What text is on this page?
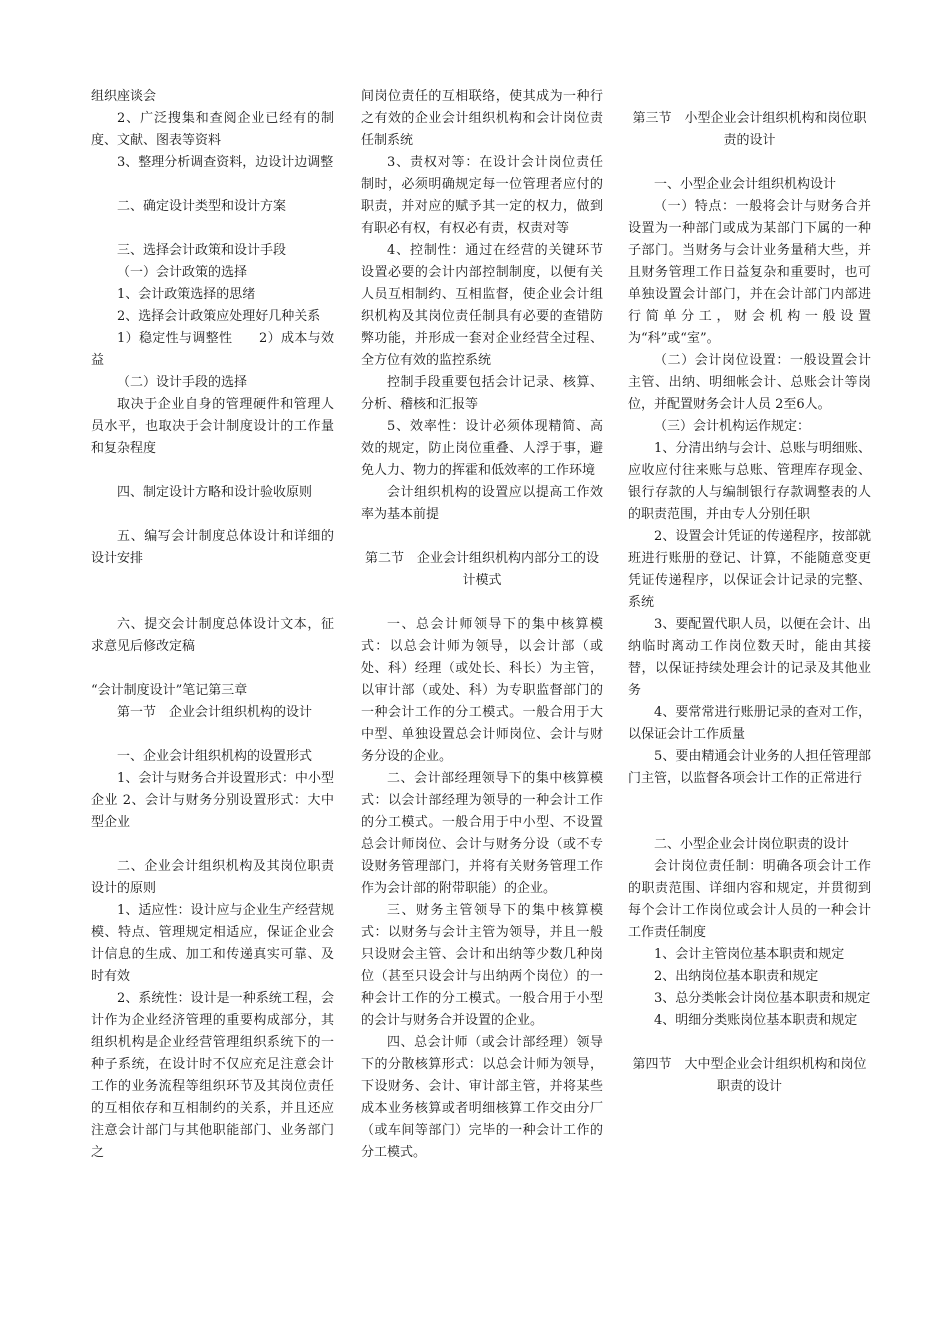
组织座谈会

2、广泛搜集和查阅企业已经有的制度、文献、图表等资料

3、整理分析调查资料，边设计边调整

二、确定设计类型和设计方案

三、选择会计政策和设计手段

（一）会计政策的选择

1、会计政策选择的思绪

2、选择会计政策应处理好几种关系

1）稳定性与调整性　　2）成本与效益

（二）设计手段的选择

取决于企业自身的管理硬件和管理人员水平，也取决于会计制度设计的工作量和复杂程度

四、制定设计方略和设计验收原则

五、编写会计制度总体设计和详细的设计安排

六、提交会计制度总体设计文本，征求意见后修改定稿

“会计制度设计”笔记第三章

第一节　企业会计组织机构的设计

一、企业会计组织机构的设置形式

1、会计与财务合并设置形式：中小型企业 2、会计与财务分别设置形式：大中型企业

二、企业会计组织机构及其岗位职责设计的原则

1、适应性：设计应与企业生产经营规模、特点、管理规定相适应，保证企业会计信息的生成、加工和传递真实可靠、及时有效

2、系统性：设计是一种系统工程，会计作为企业经济管理的重要构成部分，其组织机构是企业经营管理组织系统下的一种子系统，在设计时不仅应充足注意会计工作的业务流程等组织环节及其岗位责任的互相依存和互相制约的关系，并且还应注意会计部门与其他职能部门、业务部门之

间岗位责任的互相联络，使其成为一种行之有效的企业会计组织机构和会计岗位责任制系统

3、责权对等：在设计会计岗位责任制时，必须明确规定每一位管理者应付的职责，并对应的赋予其一定的权力，做到有职必有权，有权必有责，权责对等

4、控制性：通过在经营的关键环节设置必要的会计内部控制制度，以便有关人员互相制约、互相监督，使企业会计组织机构及其岗位责任制具有必要的查错防弊功能，并形成一套对企业经营全过程、全方位有效的监控系统

控制手段重要包括会计记录、核算、分析、稽核和汇报等

5、效率性：设计必须体现精简、高效的规定，防止岗位重叠、人浮于事，避免人力、物力的挥霍和低效率的工作环境

会计组织机构的设置应以提高工作效率为基本前提

第二节　企业会计组织机构内部分工的设计模式

一、总会计师领导下的集中核算模式：以总会计师为领导，以会计部（或处、科）经理（或处长、科长）为主管，以审计部（或处、科）为专职监督部门的一种会计工作的分工模式。一般合用于大中型、单独设置总会计师岗位、会计与财务分设的企业。

二、会计部经理领导下的集中核算模式：以会计部经理为领导的一种会计工作的分工模式。一般合用于中小型、不设置总会计师岗位、会计与财务分设（或不专设财务管理部门，并将有关财务管理工作作为会计部的附带职能）的企业。

三、财务主管领导下的集中核算模式：以财务与会计主管为领导，并且一般只设财会主管、会计和出纳等少数几种岗位（甚至只设会计与出纳两个岗位）的一种会计工作的分工模式。一般合用于小型的会计与财务合并设置的企业。

四、总会计师（或会计部经理）领导下的分散核算形式：以总会计师为领导，下设财务、会计、审计部主管，并将某些成本业务核算或者明细核算工作交由分厂（或车间等部门）完毕的一种会计工作的分工模式。

第三节　小型企业会计组织机构和岗位职责的设计

一、小型企业会计组织机构设计

（一）特点：一般将会计与财务合并设置为一种部门或成为某部门下属的一种子部门。当财务与会计业务量稍大些，并且财务管理工作日益复杂和重要时，也可单独设置会计部门，并在会计部门内部进行简单分工，财会机构一般设置为“科”或“室”。

（二）会计岗位设置：一般设置会计主管、出纳、明细帐会计、总账会计等岗位，并配置财务会计人员 2至6人。

（三）会计机构运作规定：

1、分清出纳与会计、总账与明细账、应收应付往来账与总账、管理库存现金、银行存款的人与编制银行存款调整表的人的职责范围，并由专人分别任职

2、设置会计凭证的传递程序，按部就班进行账册的登记、计算，不能随意变更凭证传递程序，以保证会计记录的完整、系统

3、要配置代职人员，以便在会计、出纳临时离动工作岗位数天时，能由其接替，以保证持续处理会计的记录及其他业务

4、要常常进行账册记录的查对工作，以保证会计工作质量

5、要由精通会计业务的人担任管理部门主管，以监督各项会计工作的正常进行

二、小型企业会计岗位职责的设计

会计岗位责任制：明确各项会计工作的职责范围、详细内容和规定，并贯彻到每个会计工作岗位或会计人员的一种会计工作责任制度

1、会计主管岗位基本职责和规定

2、出纳岗位基本职责和规定

3、总分类帐会计岗位基本职责和规定

4、明细分类账岗位基本职责和规定

第四节　大中型企业会计组织机构和岗位职责的设计
